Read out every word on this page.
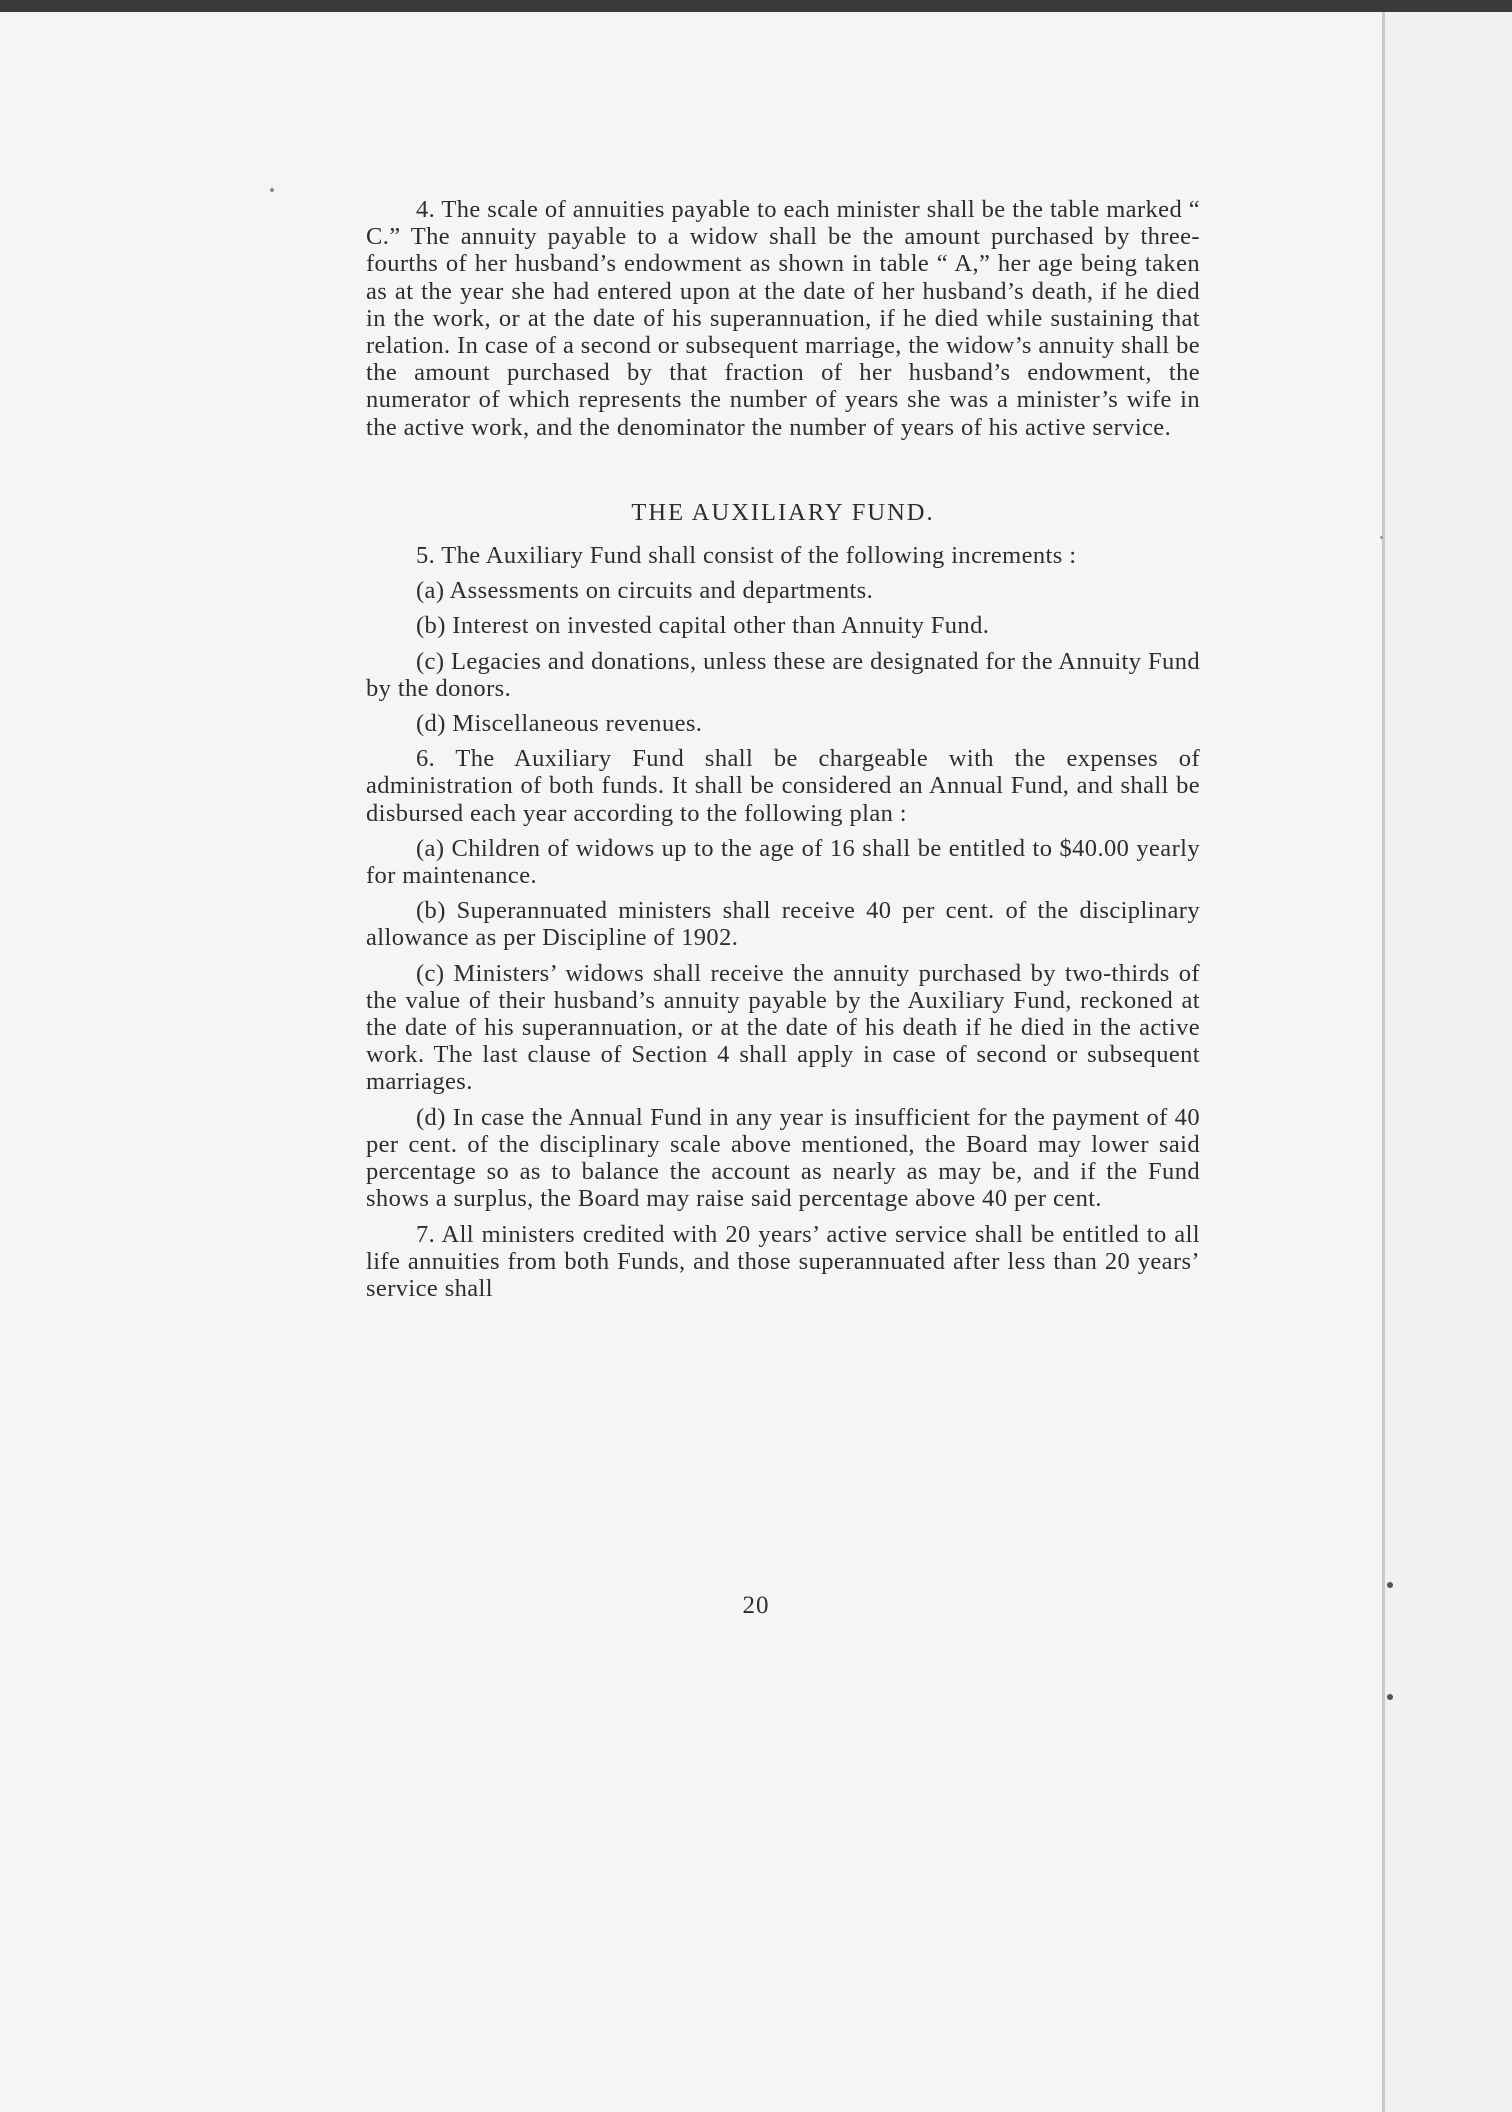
4. The scale of annuities payable to each minister shall be the table marked “ C.” The annuity payable to a widow shall be the amount purchased by three-fourths of her husband’s endowment as shown in table “ A,” her age being taken as at the year she had entered upon at the date of her husband’s death, if he died in the work, or at the date of his superannuation, if he died while sustaining that relation. In case of a second or subsequent marriage, the widow’s annuity shall be the amount purchased by that fraction of her husband’s endowment, the numerator of which represents the number of years she was a minister’s wife in the active work, and the denominator the number of years of his active service.

THE AUXILIARY FUND.

5. The Auxiliary Fund shall consist of the following increments :

(a) Assessments on circuits and departments.

(b) Interest on invested capital other than Annuity Fund.

(c) Legacies and donations, unless these are designated for the Annuity Fund by the donors.

(d) Miscellaneous revenues.

6. The Auxiliary Fund shall be chargeable with the expenses of administration of both funds. It shall be considered an Annual Fund, and shall be disbursed each year according to the following plan :

(a) Children of widows up to the age of 16 shall be entitled to $40.00 yearly for maintenance.

(b) Superannuated ministers shall receive 40 per cent. of the disciplinary allowance as per Discipline of 1902.

(c) Ministers’ widows shall receive the annuity purchased by two-thirds of the value of their husband’s annuity payable by the Auxiliary Fund, reckoned at the date of his superannuation, or at the date of his death if he died in the active work. The last clause of Section 4 shall apply in case of second or subsequent marriages.

(d) In case the Annual Fund in any year is insufficient for the payment of 40 per cent. of the disciplinary scale above mentioned, the Board may lower said percentage so as to balance the account as nearly as may be, and if the Fund shows a surplus, the Board may raise said percentage above 40 per cent.

7. All ministers credited with 20 years’ active service shall be entitled to all life annuities from both Funds, and those superannuated after less than 20 years’ service shall

20
